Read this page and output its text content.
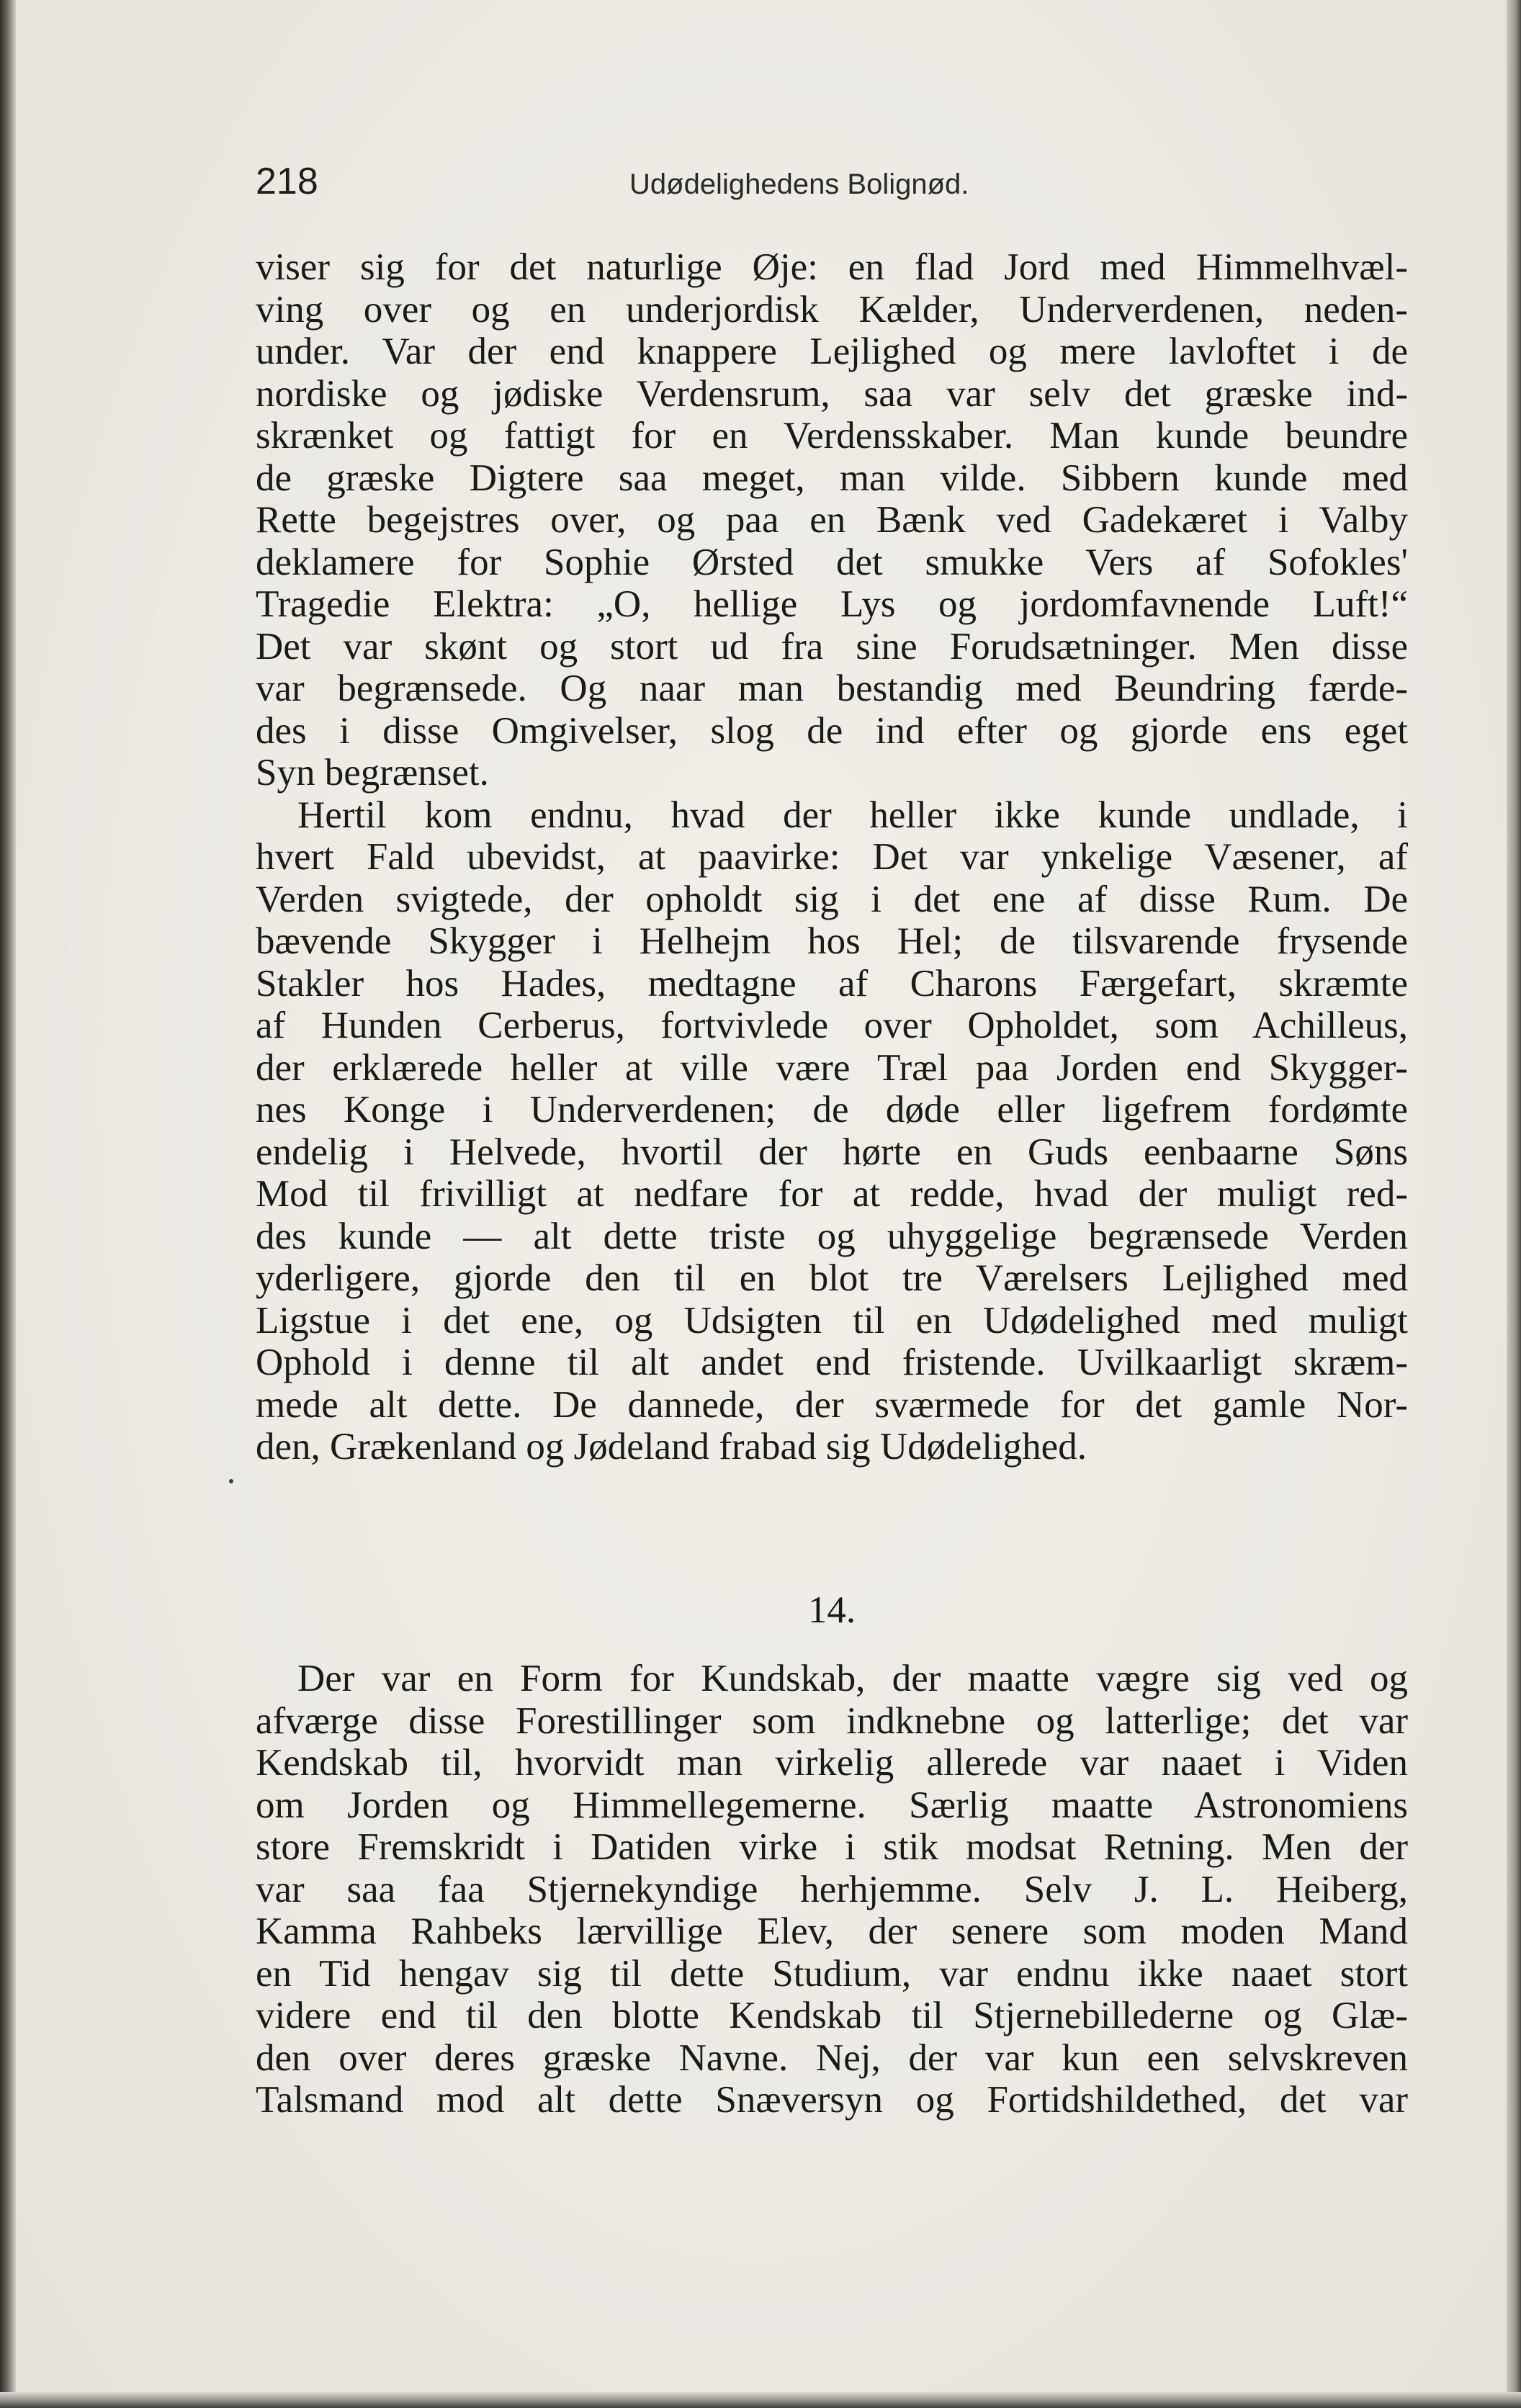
218	Udødelighedens Bolignød.
viser sig for det naturlige Øje: en flad Jord med Himmelhvæl-
ving over og en underjordisk Kælder, Underverdenen, neden-
under. Var der end knappere Lejlighed og mere lavloftet i de
nordiske og jødiske Verdensrum, saa var selv det græske ind-
skrænket og fattigt for en Verdensskaber. Man kunde beundre
de græske Digtere saa meget, man vilde. Sibbern kunde med
Rette begejstres over, og paa en Bænk ved Gadekæret i Valby
deklamere for Sophie Ørsted det smukke Vers af Sofokles'
Tragedie Elektra: „O, hellige Lys og jordomfavnende Luft!“
Det var skønt og stort ud fra sine Forudsætninger. Men disse
var begrænsede. Og naar man bestandig med Beundring færde-
des i disse Omgivelser, slog de ind efter og gjorde ens eget
Syn begrænset.
Hertil kom endnu, hvad der heller ikke kunde undlade, i
hvert Fald ubevidst, at paavirke: Det var ynkelige Væsener, af
Verden svigtede, der opholdt sig i det ene af disse Rum. De
bævende Skygger i Helhejm hos Hel; de tilsvarende frysende
Stakler hos Hades, medtagne af Charons Færgefart, skræmte
af Hunden Cerberus, fortvivlede over Opholdet, som Achilleus,
der erklærede heller at ville være Træl paa Jorden end Skygger-
nes Konge i Underverdenen; de døde eller ligefrem fordømte
endelig i Helvede, hvortil der hørte en Guds eenbaarne Søns
Mod til frivilligt at nedfare for at redde, hvad der muligt red-
des kunde — alt dette triste og uhyggelige begrænsede Verden
yderligere, gjorde den til en blot tre Værelsers Lejlighed med
Ligstue i det ene, og Udsigten til en Udødelighed med muligt
Ophold i denne til alt andet end fristende. Uvilkaarligt skræm-
mede alt dette. De dannede, der sværmede for det gamle Nor-
den, Grækenland og Jødeland frabad sig Udødelighed.
14.
Der var en Form for Kundskab, der maatte vægre sig ved og
afværge disse Forestillinger som indknebne og latterlige; det var
Kendskab til, hvorvidt man virkelig allerede var naaet i Viden
om Jorden og Himmellegemerne. Særlig maatte Astronomiens
store Fremskridt i Datiden virke i stik modsat Retning. Men der
var saa faa Stjernekyndige herhjemme. Selv J. L. Heiberg,
Kamma Rahbeks lærvillige Elev, der senere som moden Mand
en Tid hengav sig til dette Studium, var endnu ikke naaet stort
videre end til den blotte Kendskab til Stjernebillederne og Glæ-
den over deres græske Navne. Nej, der var kun een selvskreven
Talsmand mod alt dette Snæversyn og Fortidshildethed, det var
